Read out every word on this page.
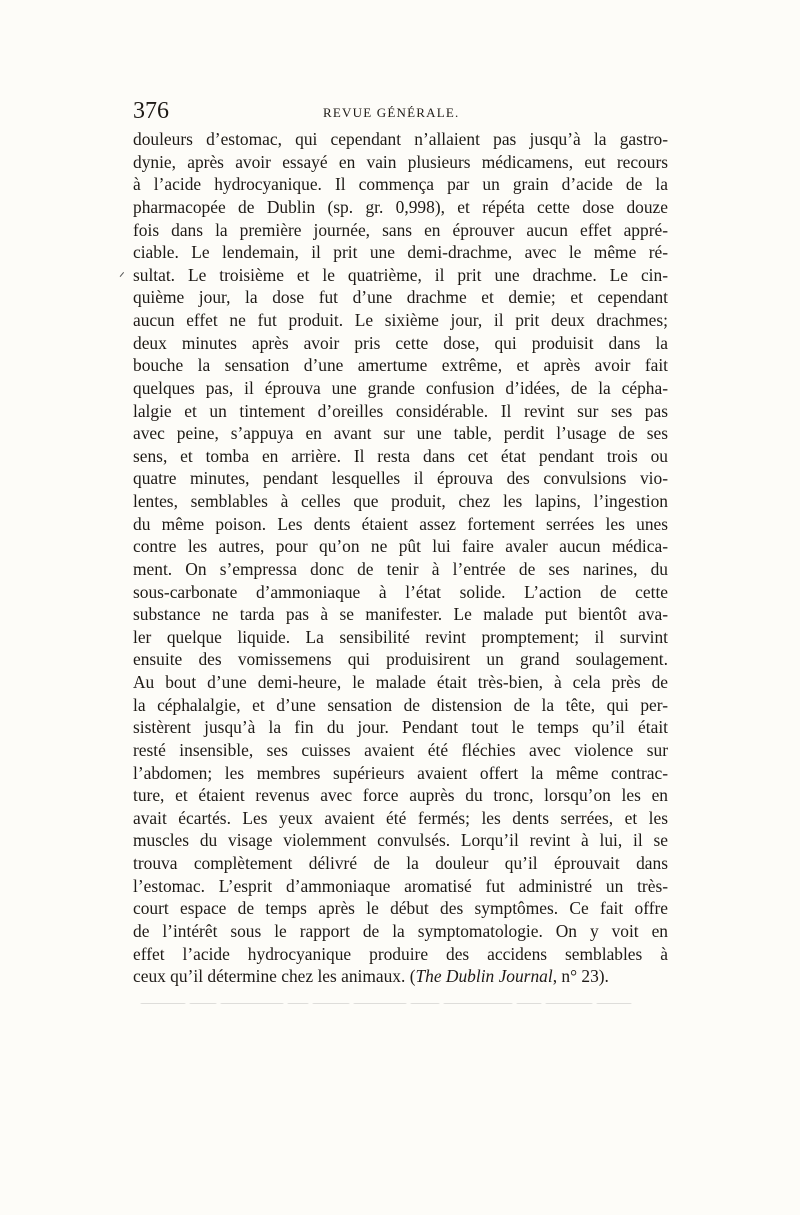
376	REVUE GÉNÉRALE.
ᐟ
douleurs d’estomac, qui cependant n’allaient pas jusqu’à la gastro-
dynie, après avoir essayé en vain plusieurs médicamens, eut recours
à l’acide hydrocyanique. Il commença par un grain d’acide de la
pharmacopée de Dublin (sp. gr. 0,998), et répéta cette dose douze
fois dans la première journée, sans en éprouver aucun effet appré-
ciable. Le lendemain, il prit une demi-drachme, avec le même ré-
sultat. Le troisième et le quatrième, il prit une drachme. Le cin-
quième jour, la dose fut d’une drachme et demie; et cependant
aucun effet ne fut produit. Le sixième jour, il prit deux drachmes;
deux minutes après avoir pris cette dose, qui produisit dans la
bouche la sensation d’une amertume extrême, et après avoir fait
quelques pas, il éprouva une grande confusion d’idées, de la cépha-
lalgie et un tintement d’oreilles considérable. Il revint sur ses pas
avec peine, s’appuya en avant sur une table, perdit l’usage de ses
sens, et tomba en arrière. Il resta dans cet état pendant trois ou
quatre minutes, pendant lesquelles il éprouva des convulsions vio-
lentes, semblables à celles que produit, chez les lapins, l’ingestion
du même poison. Les dents étaient assez fortement serrées les unes
contre les autres, pour qu’on ne pût lui faire avaler aucun médica-
ment. On s’empressa donc de tenir à l’entrée de ses narines, du
sous-carbonate d’ammoniaque à l’état solide. L’action de cette
substance ne tarda pas à se manifester. Le malade put bientôt ava-
ler quelque liquide. La sensibilité revint promptement; il survint
ensuite des vomissemens qui produisirent un grand soulagement.
Au bout d’une demi-heure, le malade était très-bien, à cela près de
la céphalalgie, et d’une sensation de distension de la tête, qui per-
sistèrent jusqu’à la fin du jour. Pendant tout le temps qu’il était
resté insensible, ses cuisses avaient été fléchies avec violence sur
l’abdomen; les membres supérieurs avaient offert la même contrac-
ture, et étaient revenus avec force auprès du tronc, lorsqu’on les en
avait écartés. Les yeux avaient été fermés; les dents serrées, et les
muscles du visage violemment convulsés. Lorqu’il revint à lui, il se
trouva complètement délivré de la douleur qu’il éprouvait dans
l’estomac. L’esprit d’ammoniaque aromatisé fut administré un très-
court espace de temps après le début des symptômes. Ce fait offre
de l’intérêt sous le rapport de la symptomatologie. On y voit en
effet l’acide hydrocyanique produire des accidens semblables à
ceux qu’il détermine chez les animaux. (The Dublin Journal, n° 23).
